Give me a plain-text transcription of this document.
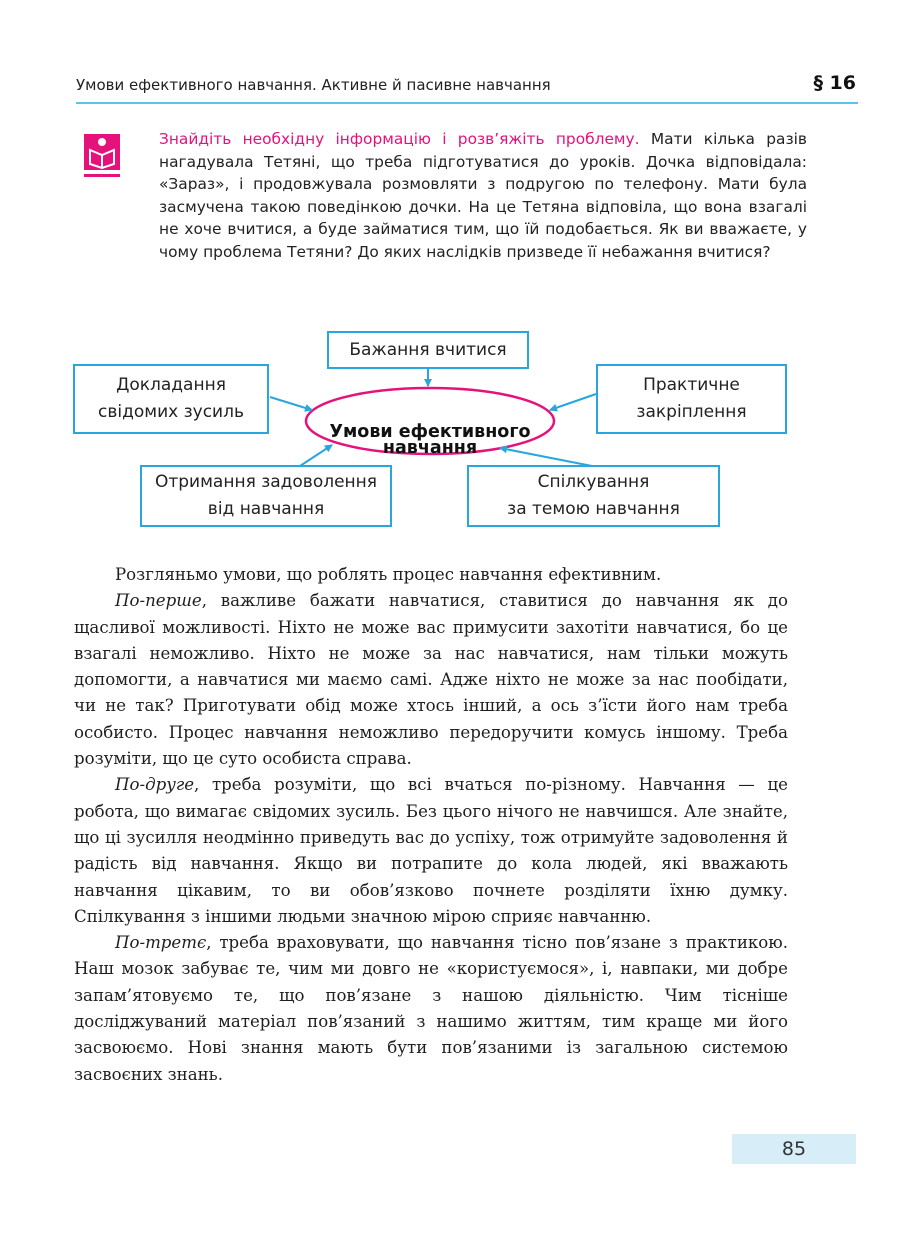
Умови ефективного навчання. Активне й пасивне навчання	§ 16
Знайдіть необхідну інформацію і розв’яжіть проблему. Мати кілька разів нагадувала Тетяні, що треба підготуватися до уроків. Дочка відповідала: «Зараз», і продовжувала розмовляти з подругою по телефону. Мати була засмучена такою поведінкою дочки. На це Тетяна відповіла, що вона взагалі не хоче вчитися, а буде займатися тим, що їй подобається. Як ви вважаєте, у чому проблема Тетяни? До яких наслідків призведе її небажання вчитися?
Бажання вчитися
Докладання
свідомих зусиль
Практичне
закріплення
Отримання задоволення
від навчання
Спілкування
за темою навчання
Умови ефективного
навчання

Розгляньмо умови, що роблять процес навчання ефективним.

По-перше, важливе бажати навчатися, ставитися до навчання як до щасливої можливості. Ніхто не може вас примусити захотіти навчатися, бо це взагалі неможливо. Ніхто не може за нас навчатися, нам тільки можуть допомогти, а навчатися ми маємо самі. Адже ніхто не може за нас пообідати, чи не так? Приготувати обід може хтось інший, а ось з’їсти його нам треба особисто. Процес навчання неможливо передоручити комусь іншому. Треба розуміти, що це суто особиста справа.

По-друге, треба розуміти, що всі вчаться по-різному. Навчання — це робота, що вимагає свідомих зусиль. Без цього нічого не навчишся. Але знайте, що ці зусилля неодмінно приведуть вас до успіху, тож отримуйте задоволення й радість від навчання. Якщо ви потрапите до кола людей, які вважають навчання цікавим, то ви обов’язково почнете розділяти їхню думку. Спілкування з іншими людьми значною мірою сприяє навчанню.

По-третє, треба враховувати, що навчання тісно пов’язане з практикою. Наш мозок забуває те, чим ми довго не «користуємося», і, навпаки, ми добре запам’ятовуємо те, що пов’язане з нашою діяльністю. Чим тісніше досліджуваний матеріал пов’язаний з нашимо життям, тим краще ми його засвоюємо. Нові знання мають бути пов’язаними із загальною системою засвоєних знань.

85
